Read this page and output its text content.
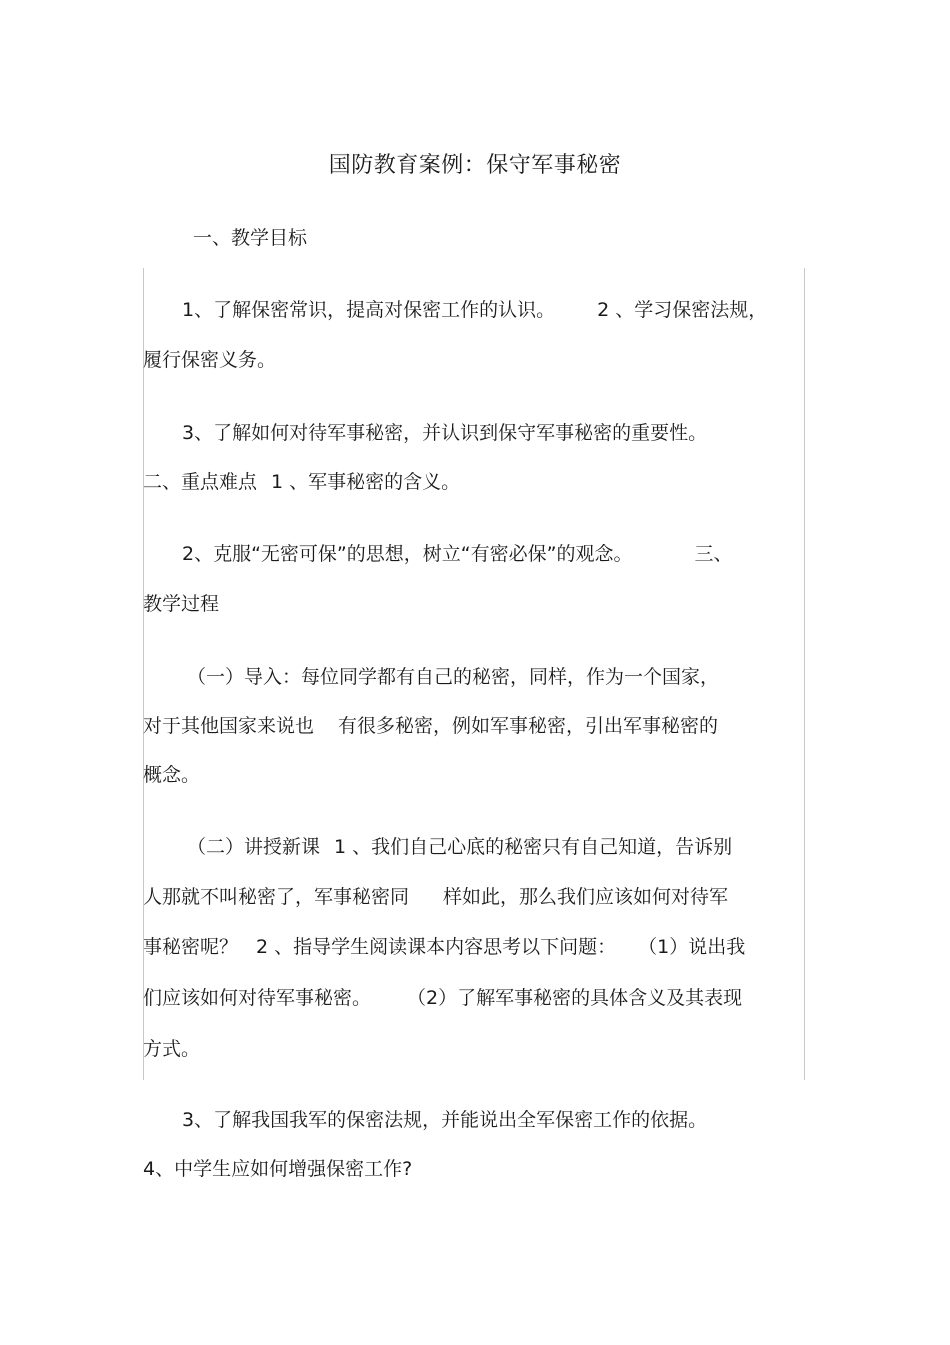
国防教育案例：保守军事秘密
一、教学目标
1、了解保密常识，提高对保密工作的认识。 2 、学习保密法规，
履行保密义务。
3、了解如何对待军事秘密，并认识到保守军事秘密的重要性。
二、重点难点 1 、军事秘密的含义。
2、克服“无密可保”的思想，树立“有密必保”的观念。	三、
教学过程
（一）导入：每位同学都有自己的秘密，同样，作为一个国家，
对于其他国家来说也 有很多秘密，例如军事秘密，引出军事秘密的
概念。
（二）讲授新课 1 、我们自己心底的秘密只有自己知道，告诉别
人那就不叫秘密了，军事秘密同 样如此，那么我们应该如何对待军
事秘密呢？ 2 、指导学生阅读课本内容思考以下问题： （1）说出我
们应该如何对待军事秘密。 （2）了解军事秘密的具体含义及其表现
方式。
3、了解我国我军的保密法规，并能说出全军保密工作的依据。
4、中学生应如何增强保密工作?
